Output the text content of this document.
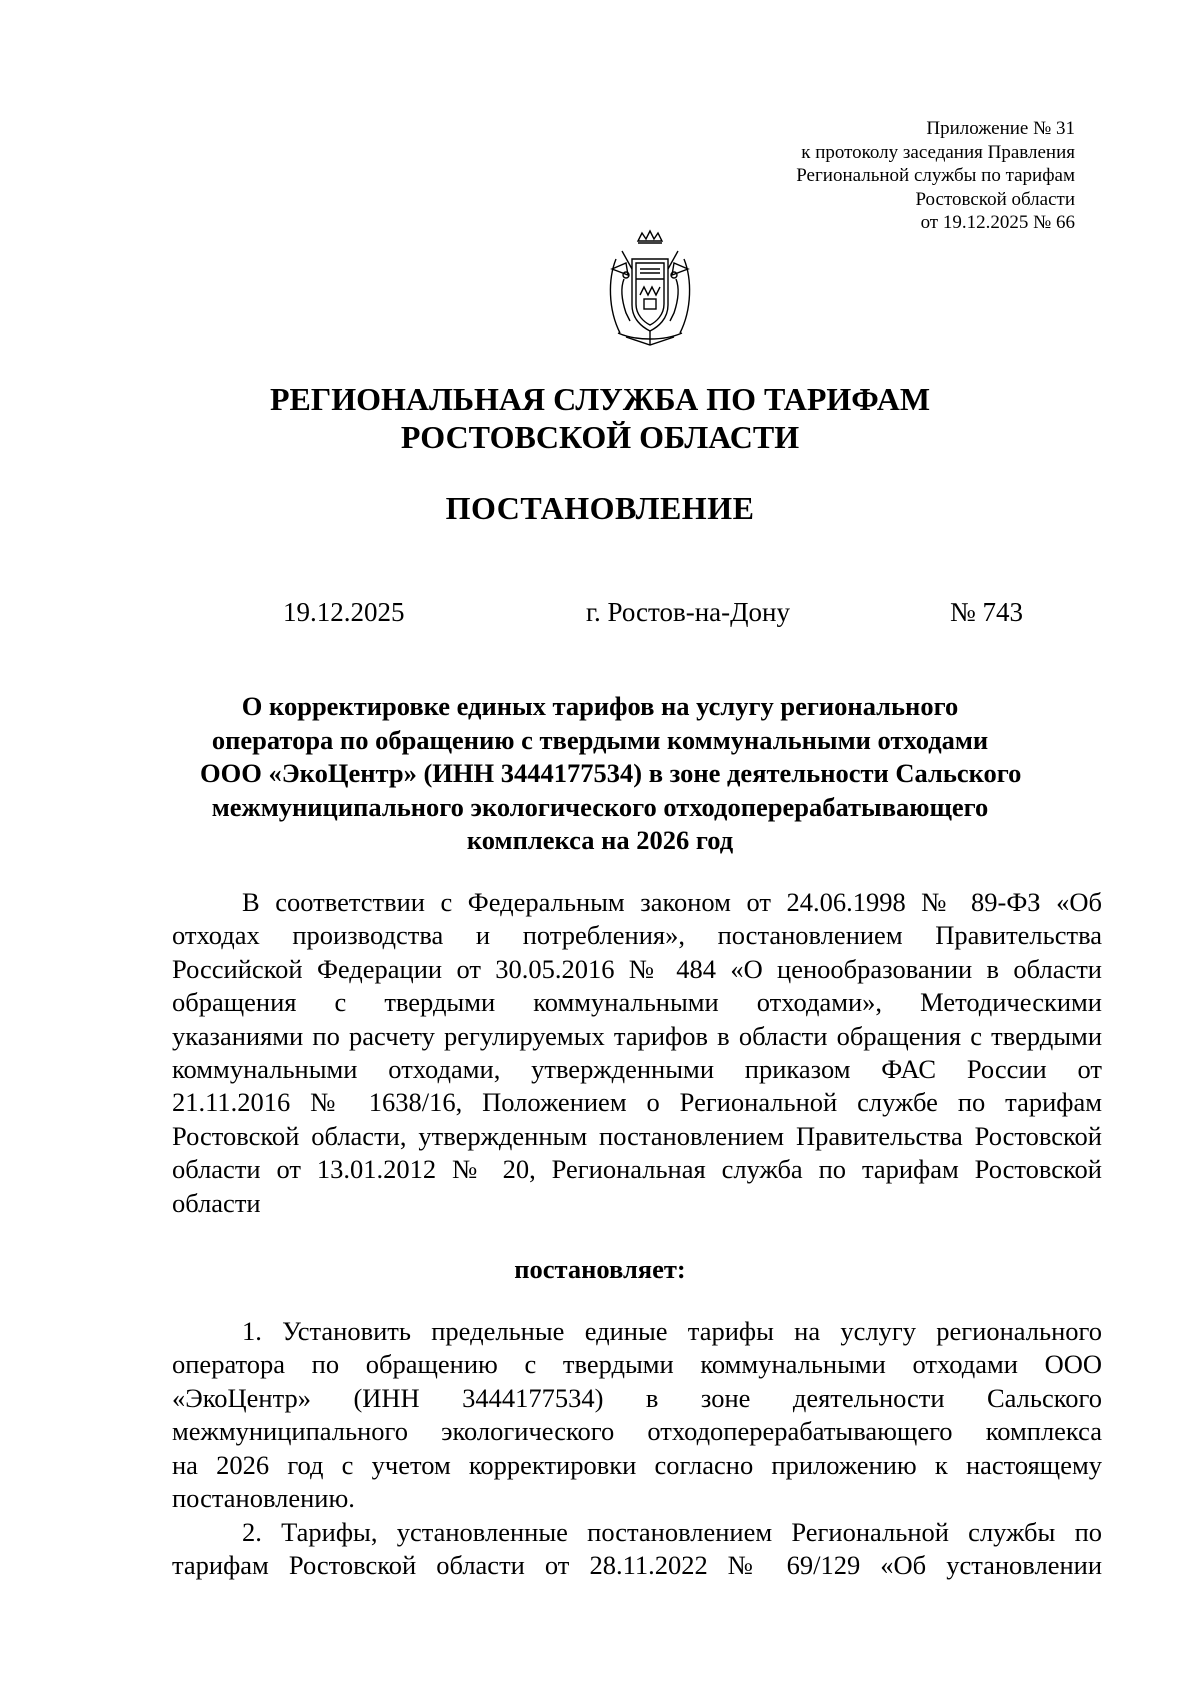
Приложение № 31
к протоколу заседания Правления
Региональной службы по тарифам
Ростовской области
от 19.12.2025 № 66
РЕГИОНАЛЬНАЯ СЛУЖБА ПО ТАРИФАМ
РОСТОВСКОЙ ОБЛАСТИ
ПОСТАНОВЛЕНИЕ
19.12.2025	г. Ростов-на-Дону	№ 743
О корректировке единых тарифов на услугу регионального
оператора по обращению с твердыми коммунальными отходами
ООО «ЭкоЦентр» (ИНН 3444177534) в зоне деятельности Сальского
межмуниципального экологического отходоперерабатывающего
комплекса на 2026 год
В соответствии с Федеральным законом от 24.06.1998 № 89-ФЗ «Об
отходах производства и потребления», постановлением Правительства
Российской Федерации от 30.05.2016 № 484 «О ценообразовании в области
обращения с твердыми коммунальными отходами», Методическими
указаниями по расчету регулируемых тарифов в области обращения с твердыми
коммунальными отходами, утвержденными приказом ФАС России от
21.11.2016 № 1638/16, Положением о Региональной службе по тарифам
Ростовской области, утвержденным постановлением Правительства Ростовской
области от 13.01.2012 № 20, Региональная служба по тарифам Ростовской
области
постановляет:
1. Установить предельные единые тарифы на услугу регионального
оператора по обращению с твердыми коммунальными отходами ООО
«ЭкоЦентр» (ИНН 3444177534) в зоне деятельности Сальского
межмуниципального экологического отходоперерабатывающего комплекса
на 2026 год с учетом корректировки согласно приложению к настоящему
постановлению.
2. Тарифы, установленные постановлением Региональной службы по
тарифам Ростовской области от 28.11.2022 № 69/129 «Об установлении
